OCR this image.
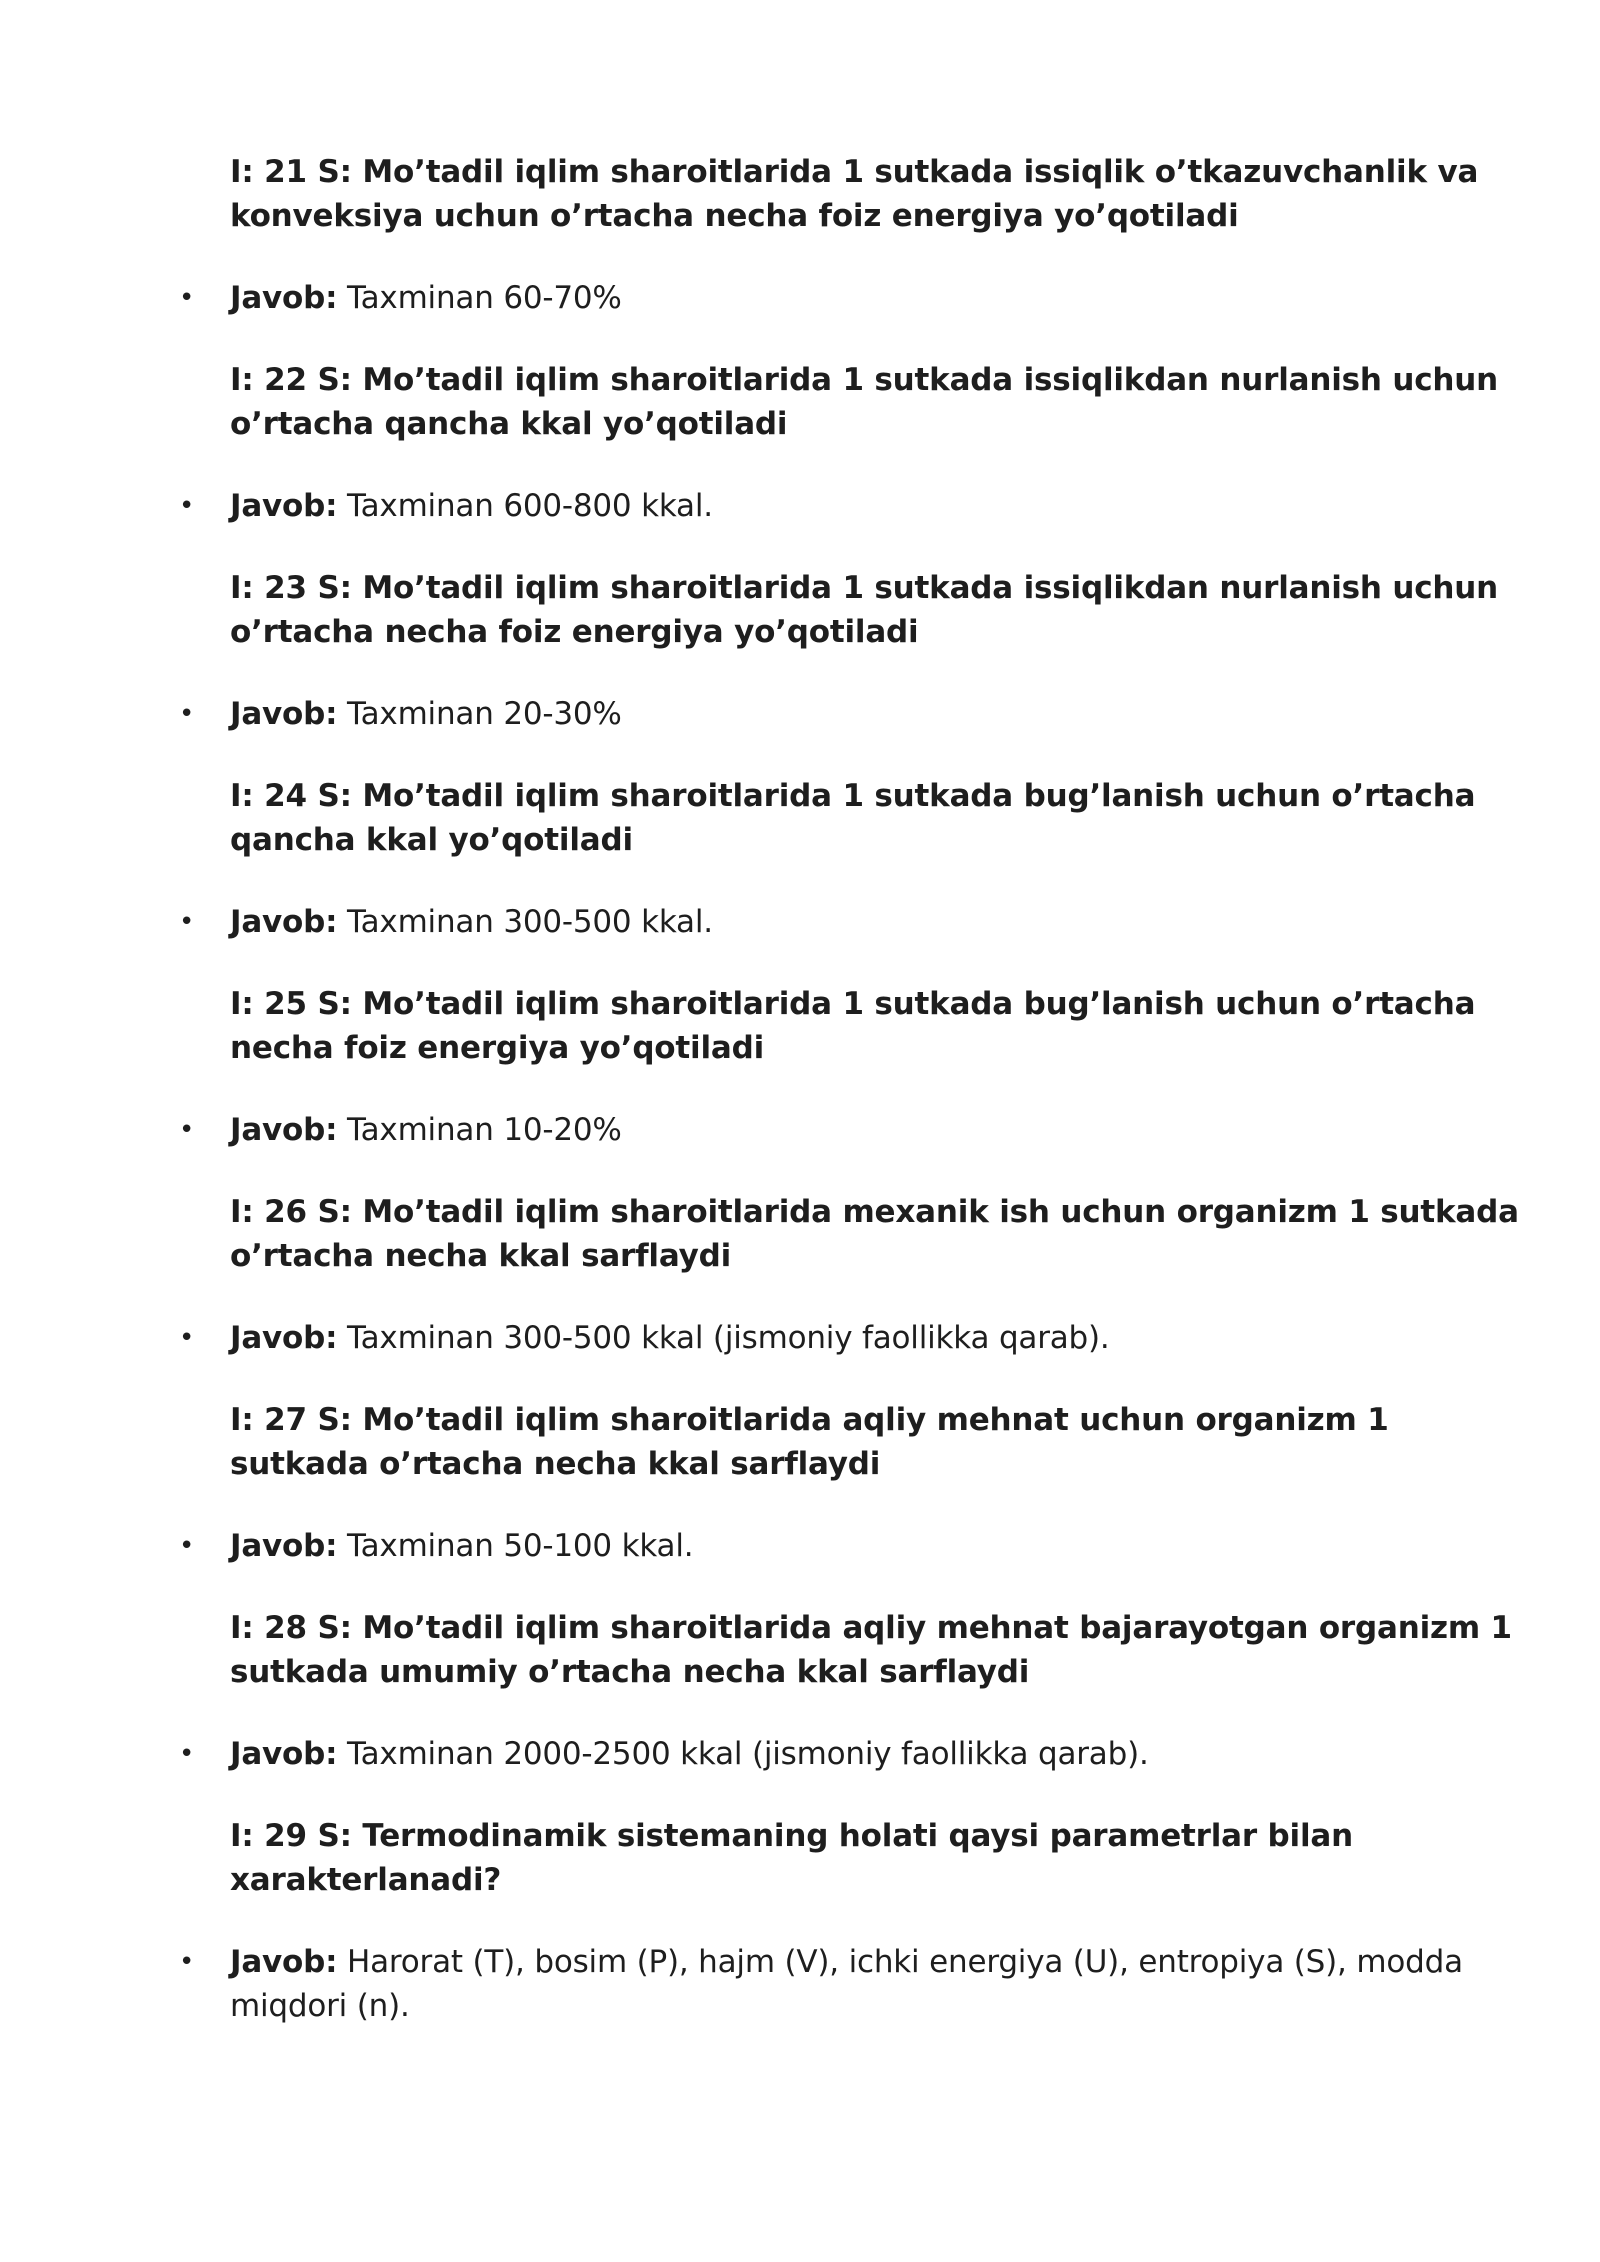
I: 21 S: Mo’tadil iqlim sharoitlarida 1 sutkada issiqlik o’tkazuvchanlik va konveksiya uchun o’rtacha necha foiz energiya yo’qotiladi

• Javob: Taxminan 60-70%

I: 22 S: Mo’tadil iqlim sharoitlarida 1 sutkada issiqlikdan nurlanish uchun o’rtacha qancha kkal yo’qotiladi

• Javob: Taxminan 600-800 kkal.

I: 23 S: Mo’tadil iqlim sharoitlarida 1 sutkada issiqlikdan nurlanish uchun o’rtacha necha foiz energiya yo’qotiladi

• Javob: Taxminan 20-30%

I: 24 S: Mo’tadil iqlim sharoitlarida 1 sutkada bug’lanish uchun o’rtacha qancha kkal yo’qotiladi

• Javob: Taxminan 300-500 kkal.

I: 25 S: Mo’tadil iqlim sharoitlarida 1 sutkada bug’lanish uchun o’rtacha necha foiz energiya yo’qotiladi

• Javob: Taxminan 10-20%

I: 26 S: Mo’tadil iqlim sharoitlarida mexanik ish uchun organizm 1 sutkada o’rtacha necha kkal sarflaydi

• Javob: Taxminan 300-500 kkal (jismoniy faollikka qarab).

I: 27 S: Mo’tadil iqlim sharoitlarida aqliy mehnat uchun organizm 1 sutkada o’rtacha necha kkal sarflaydi

• Javob: Taxminan 50-100 kkal.

I: 28 S: Mo’tadil iqlim sharoitlarida aqliy mehnat bajarayotgan organizm 1 sutkada umumiy o’rtacha necha kkal sarflaydi

• Javob: Taxminan 2000-2500 kkal (jismoniy faollikka qarab).

I: 29 S: Termodinamik sistemaning holati qaysi parametrlar bilan xarakterlanadi?

• Javob: Harorat (T), bosim (P), hajm (V), ichki energiya (U), entropiya (S), modda miqdori (n).
